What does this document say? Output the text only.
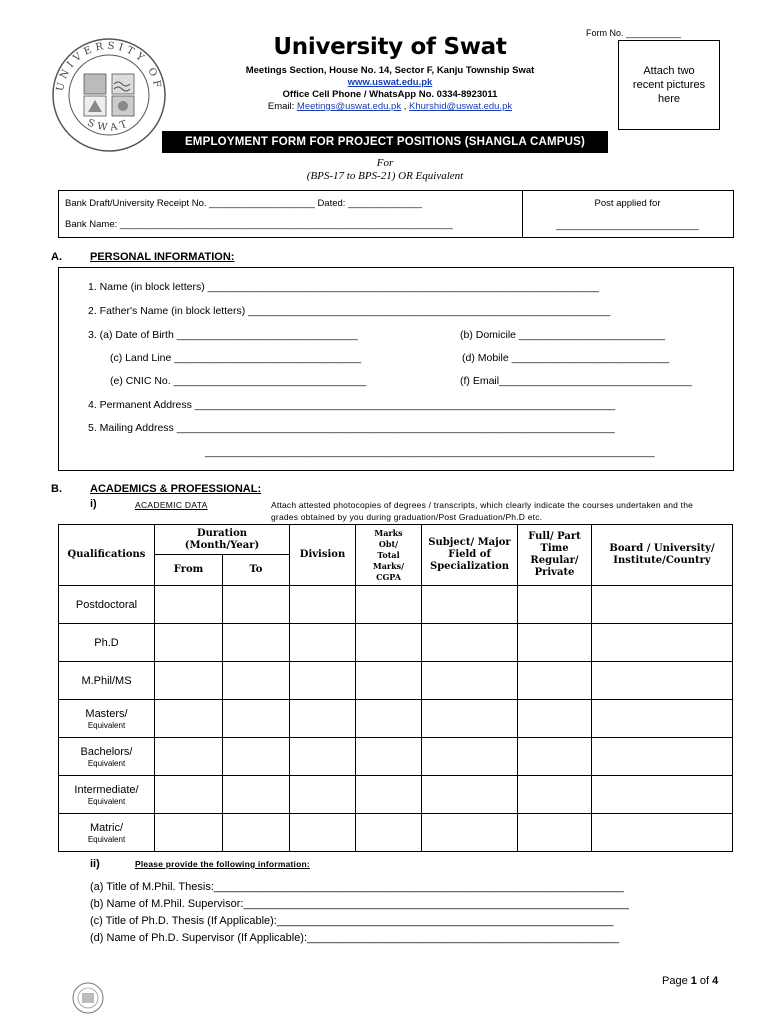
UNIVERSITY OF
SWAT
Form No. ___________
University of Swat
Meetings Section, House No. 14, Sector F, Kanju Township Swat
www.uswat.edu.pk
Office Cell Phone / WhatsApp No. 0334-8923011
Email: Meetings@uswat.edu.pk , Khurshid@uswat.edu.pk
Attach two recent pictures here
EMPLOYMENT FORM FOR PROJECT POSITIONS (SHANGLA CAMPUS)
For
(BPS-17 to BPS-21) OR Equivalent
Bank Draft/University Receipt No. ____________________ Dated: ______________
Bank Name: _______________________________________________________________
Post applied for
___________________________
A.	PERSONAL INFORMATION:
1. Name (in block letters) ___________________________________________________________________
2. Father's Name (in block letters) ______________________________________________________________
3. (a) Date of Birth _______________________________	(b) Domicile _________________________
(c) Land Line ________________________________	(d) Mobile ___________________________
(e) CNIC No. _________________________________	(f) Email_________________________________
4. Permanent Address ________________________________________________________________________
5. Mailing Address ___________________________________________________________________________
_____________________________________________________________________________
B.	ACADEMICS & PROFESSIONAL:
i)	ACADEMIC DATA	Attach attested photocopies of degrees / transcripts, which clearly indicate the courses undertaken and the grades obtained by you during graduation/Post Graduation/Ph.D etc.
Qualifications	Duration (Month/Year)		Division	Marks Obt/ Total Marks/ CGPA	Subject/ Major Field of Specialization	Full/ Part Time Regular/ Private	Board / University/ Institute/Country
	From	To					
Postdoctoral							
Ph.D							
M.Phil/MS							
Masters/
Equivalent							

Bachelors/
Equivalent							

Intermediate/
Equivalent							

Matric/
Equivalent							

ii)	Please provide the following information:
(a) Title of M.Phil. Thesis:___________________________________________________________________
(b) Name of M.Phil. Supervisor:_______________________________________________________________
(c) Title of Ph.D. Thesis (If Applicable):_______________________________________________________
(d) Name of Ph.D. Supervisor (If Applicable):___________________________________________________
Page 1 of 4
